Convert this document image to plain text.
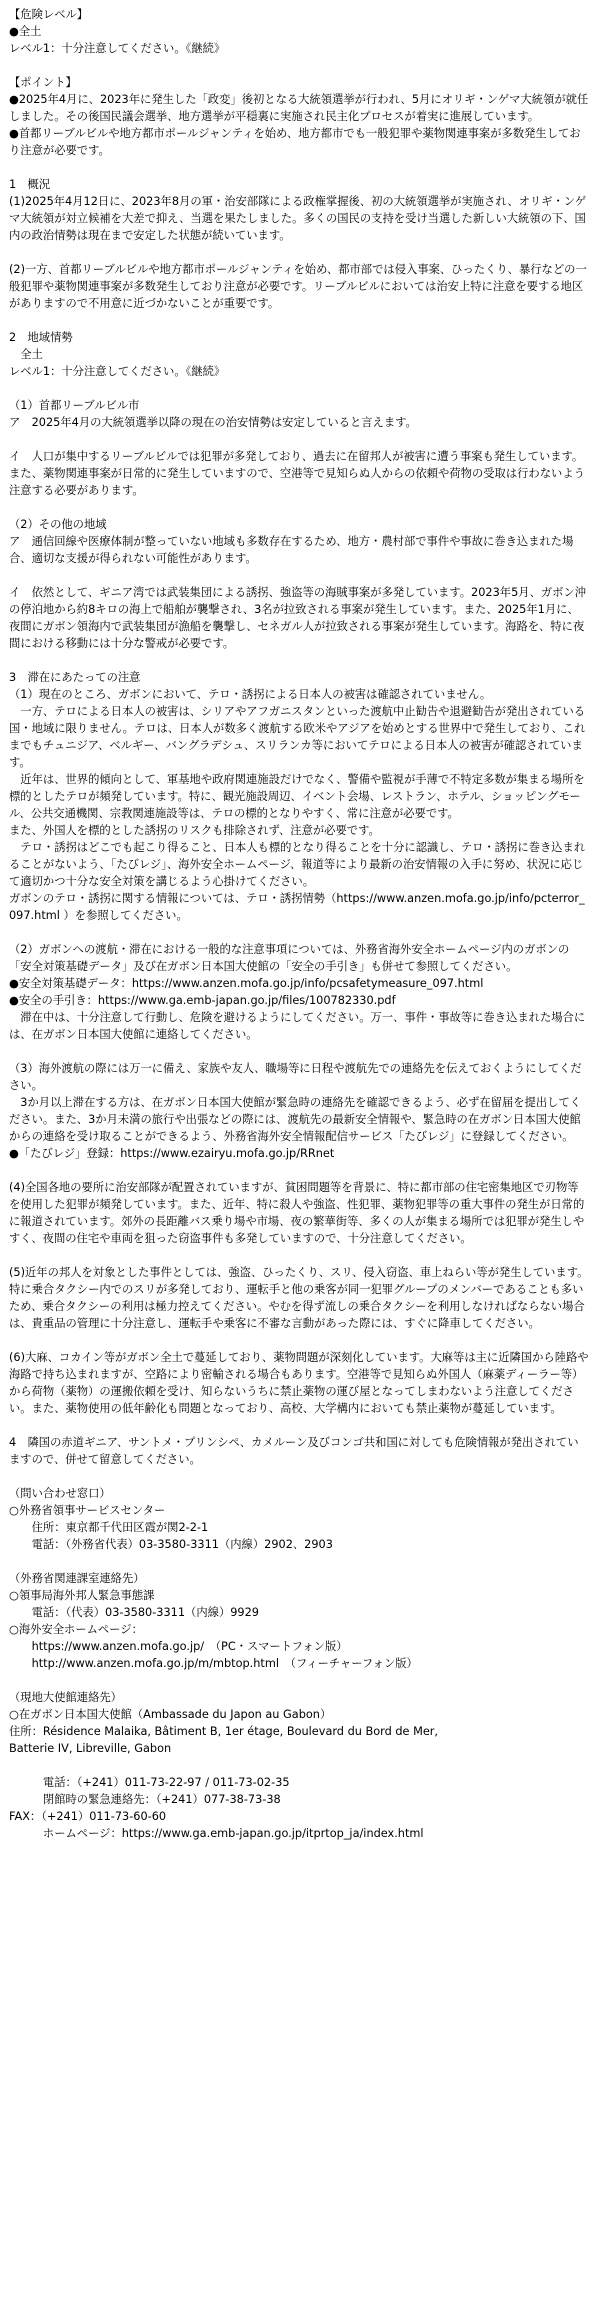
【危険レベル】
●全土
レベル1：十分注意してください。《継続》
【ポイント】
●2025年4月に、2023年に発生した「政変」後初となる大統領選挙が行われ、5月にオリギ・ンゲマ大統領が就任しました。その後国民議会選挙、地方選挙が平穏裏に実施され民主化プロセスが着実に進展しています。
●首都リーブルビルや地方都市ポールジャンティを始め、地方都市でも一般犯罪や薬物関連事案が多数発生しており注意が必要です。
1　概況
(1)2025年4月12日に、2023年8月の軍・治安部隊による政権掌握後、初の大統領選挙が実施され、オリギ・ンゲマ大統領が対立候補を大差で抑え、当選を果たしました。多くの国民の支持を受け当選した新しい大統領の下、国内の政治情勢は現在まで安定した状態が続いています。
(2)一方、首都リーブルビルや地方都市ポールジャンティを始め、都市部では侵入事案、ひったくり、暴行などの一般犯罪や薬物関連事案が多数発生しており注意が必要です。リーブルビルにおいては治安上特に注意を要する地区がありますので不用意に近づかないことが重要です。
2　地域情勢
　全土
レベル1：十分注意してください。《継続》
（1）首都リーブルビル市
ア　2025年4月の大統領選挙以降の現在の治安情勢は安定していると言えます。
イ　人口が集中するリーブルビルでは犯罪が多発しており、過去に在留邦人が被害に遭う事案も発生しています。また、薬物関連事案が日常的に発生していますので、空港等で見知らぬ人からの依頼や荷物の受取は行わないよう注意する必要があります。
（2）その他の地域
ア　通信回線や医療体制が整っていない地域も多数存在するため、地方・農村部で事件や事故に巻き込まれた場合、適切な支援が得られない可能性があります。
イ　依然として、ギニア湾では武装集団による誘拐、強盗等の海賊事案が多発しています。2023年5月、ガボン沖の停泊地から約8キロの海上で船舶が襲撃され、3名が拉致される事案が発生しています。また、2025年1月に、夜間にガボン領海内で武装集団が漁船を襲撃し、セネガル人が拉致される事案が発生しています。海路を、特に夜間における移動には十分な警戒が必要です。
3　滞在にあたっての注意
（1）現在のところ、ガボンにおいて、テロ・誘拐による日本人の被害は確認されていません。
　一方、テロによる日本人の被害は、シリアやアフガニスタンといった渡航中止勧告や退避勧告が発出されている国・地域に限りません。テロは、日本人が数多く渡航する欧米やアジアを始めとする世界中で発生しており、これまでもチュニジア、ベルギー、バングラデシュ、スリランカ等においてテロによる日本人の被害が確認されています。
　近年は、世界的傾向として、軍基地や政府関連施設だけでなく、警備や監視が手薄で不特定多数が集まる場所を標的としたテロが頻発しています。特に、観光施設周辺、イベント会場、レストラン、ホテル、ショッピングモール、公共交通機関、宗教関連施設等は、テロの標的となりやすく、常に注意が必要です。
また、外国人を標的とした誘拐のリスクも排除されず、注意が必要です。
　テロ・誘拐はどこでも起こり得ること、日本人も標的となり得ることを十分に認識し、テロ・誘拐に巻き込まれることがないよう、「たびレジ」、海外安全ホームページ、報道等により最新の治安情報の入手に努め、状況に応じて適切かつ十分な安全対策を講じるよう心掛けてください。
ガボンのテロ・誘拐に関する情報については、テロ・誘拐情勢（https://www.anzen.mofa.go.jp/info/pcterror_097.html ）を参照してください。
（2）ガボンへの渡航・滞在における一般的な注意事項については、外務省海外安全ホームページ内のガボンの「安全対策基礎データ」及び在ガボン日本国大使館の「安全の手引き」も併せて参照してください。
●安全対策基礎データ：https://www.anzen.mofa.go.jp/info/pcsafetymeasure_097.html
●安全の手引き：https://www.ga.emb-japan.go.jp/files/100782330.pdf
　滞在中は、十分注意して行動し、危険を避けるようにしてください。万一、事件・事故等に巻き込まれた場合には、在ガボン日本国大使館に連絡してください。
（3）海外渡航の際には万一に備え、家族や友人、職場等に日程や渡航先での連絡先を伝えておくようにしてください。
　3か月以上滞在する方は、在ガボン日本国大使館が緊急時の連絡先を確認できるよう、必ず在留届を提出してください。また、3か月未満の旅行や出張などの際には、渡航先の最新安全情報や、緊急時の在ガボン日本国大使館からの連絡を受け取ることができるよう、外務省海外安全情報配信サービス「たびレジ」に登録してください。
●「たびレジ」登録：https://www.ezairyu.mofa.go.jp/RRnet
(4)全国各地の要所に治安部隊が配置されていますが、貧困問題等を背景に、特に都市部の住宅密集地区で刃物等を使用した犯罪が頻発しています。また、近年、特に殺人や強盗、性犯罪、薬物犯罪等の重大事件の発生が日常的に報道されています。郊外の長距離バス乗り場や市場、夜の繁華街等、多くの人が集まる場所では犯罪が発生しやすく、夜間の住宅や車両を狙った窃盗事件も多発していますので、十分注意してください。
(5)近年の邦人を対象とした事件としては、強盗、ひったくり、スリ、侵入窃盗、車上ねらい等が発生しています。特に乗合タクシー内でのスリが多発しており、運転手と他の乗客が同一犯罪グループのメンバーであることも多いため、乗合タクシーの利用は極力控えてください。やむを得ず流しの乗合タクシーを利用しなければならない場合は、貴重品の管理に十分注意し、運転手や乗客に不審な言動があった際には、すぐに降車してください。
(6)大麻、コカイン等がガボン全土で蔓延しており、薬物問題が深刻化しています。大麻等は主に近隣国から陸路や海路で持ち込まれますが、空路により密輸される場合もあります。空港等で見知らぬ外国人（麻薬ディーラー等）から荷物（薬物）の運搬依頼を受け、知らないうちに禁止薬物の運び屋となってしまわないよう注意してください。また、薬物使用の低年齢化も問題となっており、高校、大学構内においても禁止薬物が蔓延しています。
4　隣国の赤道ギニア、サントメ・プリンシペ、カメルーン及びコンゴ共和国に対しても危険情報が発出されていますので、併せて留意してください。
（問い合わせ窓口）
○外務省領事サービスセンター
　　住所：東京都千代田区霞が関2-2-1
　　電話：（外務省代表）03-3580-3311（内線）2902、2903
（外務省関連課室連絡先）
○領事局海外邦人緊急事態課
　　電話：（代表）03-3580-3311（内線）9929
○海外安全ホームページ：
　　https://www.anzen.mofa.go.jp/　（PC・スマートフォン版）
　　http://www.anzen.mofa.go.jp/m/mbtop.html　（フィーチャーフォン版）
（現地大使館連絡先）
○在ガボン日本国大使館（Ambassade du Japon au Gabon）
住所：Résidence Malaika, Bâtiment B, 1er étage, Boulevard du Bord de Mer,
Batterie IV, Libreville, Gabon
　　　電話：（+241）011-73-22-97 / 011-73-02-35
　　　閉館時の緊急連絡先：（+241）077-38-73-38
FAX：（+241）011-73-60-60
　　　ホームページ：https://www.ga.emb-japan.go.jp/itprtop_ja/index.html
